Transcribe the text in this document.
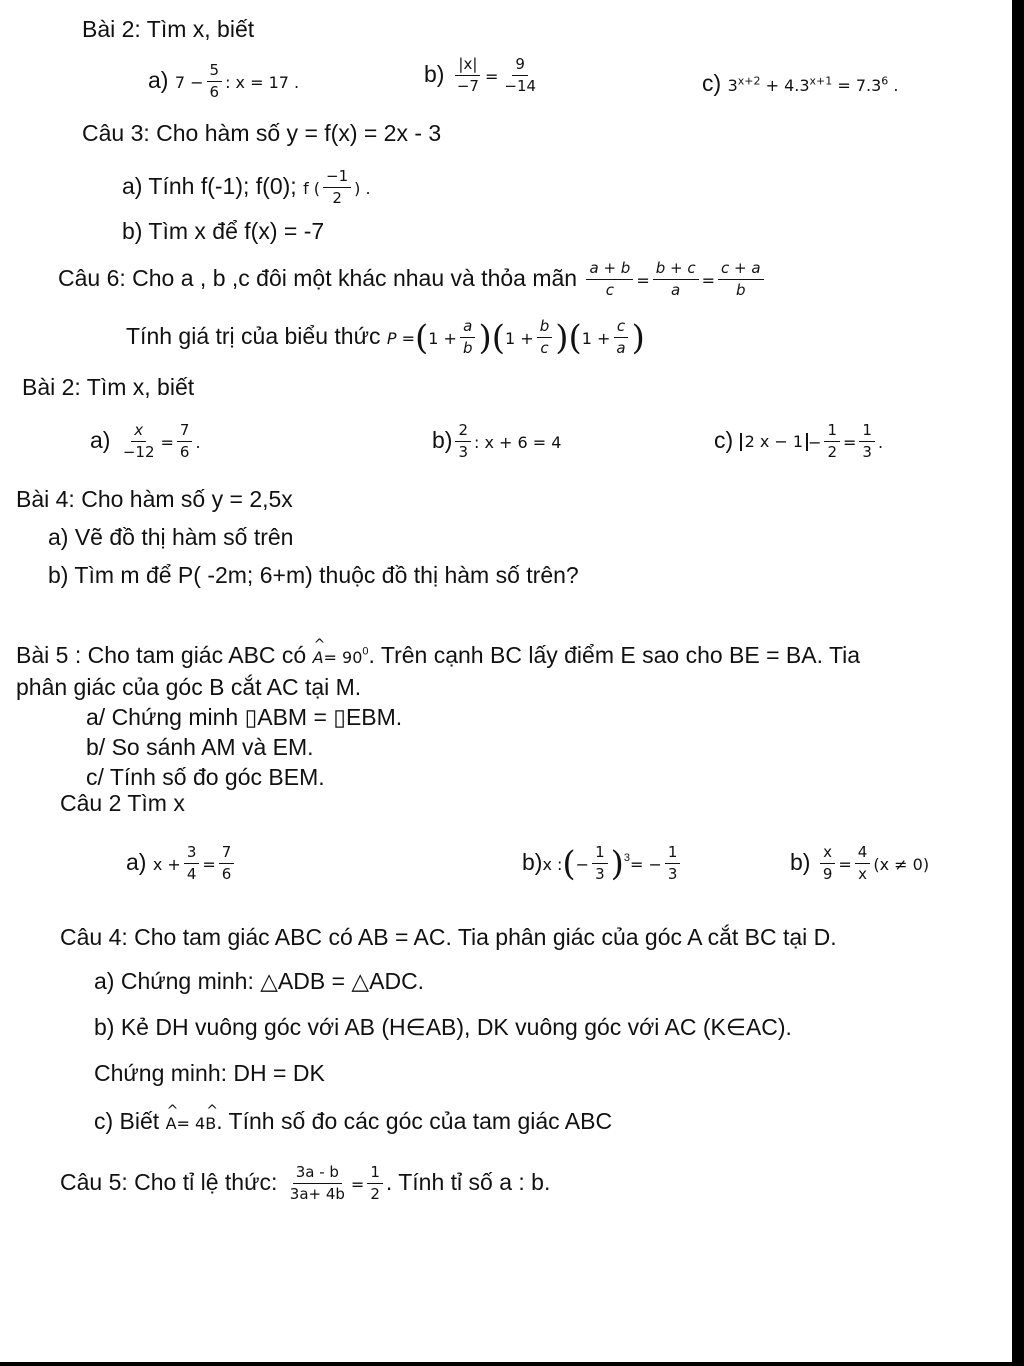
Bài 2: Tìm x, biết
a) $7 - \frac{5}{6}$ : x = 17 .	$b) \frac{|x|}{-7} = \frac{9}{-14}$	c) $3^{x+2} + 4.3^{x+1} = 7.3^6$ .
Câu 3: Cho hàm số y = f(x) = 2x - 3
a) Tính f(-1); f(0); f ( $\frac{-1}{2}$ ) .
b) Tìm x để f(x) = -7
Câu 6: Cho a , b ,c đôi một khác nhau và thỏa mãn $\frac{a + b}{c} = \frac{b + c}{a} = \frac{c + a}{b}$
Tính giá trị của biểu thức $P =(1 + \frac{a}{b} )(1 + \frac{b}{c} )(1 + \frac{c}{a}$ )
Bài 2: Tìm x, biết
$a) \frac{x}{-12} = \frac{7}{6}$ .	$b) \frac{2}{3}$ : x + 6 = 4	c) 2 $x - 1 - \frac{1}{2} = \frac{1}{3}$ .
Bài 4: Cho hàm số y = 2,5x
a) Vẽ đồ thị hàm số trên
b) Tìm m để P( -2m; 6+m) thuộc đồ thị hàm số trên?
Bài 5 : Cho tam giác ABC có ^ $A= 90^0$. Trên cạnh BC lấy điểm E sao cho BE = BA. Tia
phân giác của góc B cắt AC tại M.
a/ Chứng minh ▯ABM = ▯EBM.
b/ So sánh AM và EM.
c/ Tính số đo góc BEM.
Câu 2 Tìm x
a) $x + \frac{3}{4} = \frac{7}{6}$	b)x :(− $\frac{1}{3} )^3= - \frac{1}{3}$	$b) \frac{x}{9} = \frac{4}{x} (x \ne 0)$
Câu 4: Cho tam giác ABC có AB = AC. Tia phân giác của góc A cắt BC tại D.
a) Chứng minh: △ADB = △ADC.
b) Kẻ DH vuông góc với AB (H∈AB), DK vuông góc với AC (K∈AC).
Chứng minh: DH = DK
c) Biết ^ A= 4^ B. Tính số đo các góc của tam giác ABC
Câu 5: Cho tỉ lệ thức: $\frac{3a - b}{3a+ 4b} = \frac{1}{2}$ . Tính tỉ số a : b.
